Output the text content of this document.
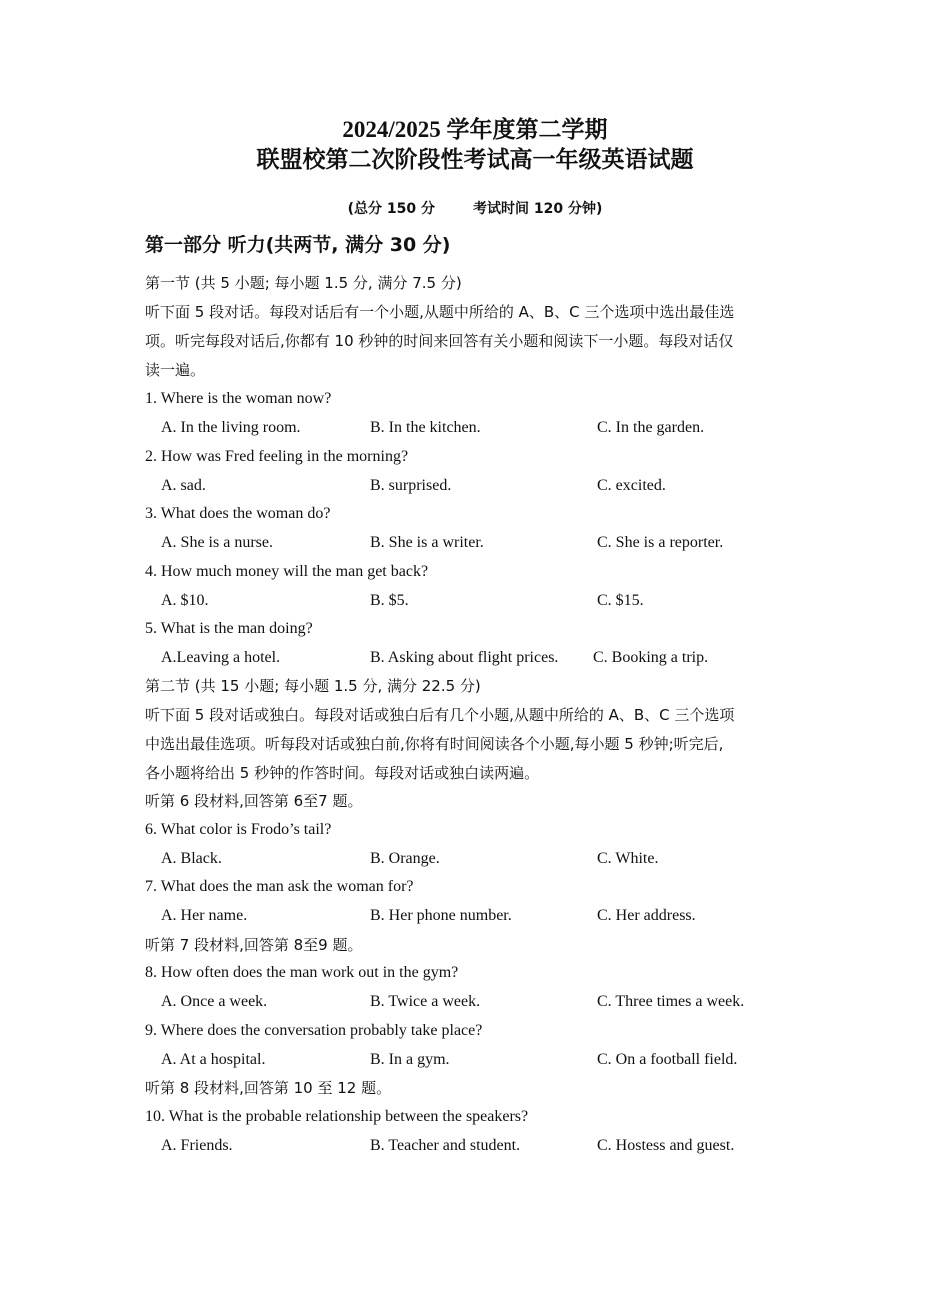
2024/2025 学年度第二学期
联盟校第二次阶段性考试高一年级英语试题
(总分 150 分	考试时间 120 分钟)
第一部分 听力(共两节, 满分 30 分)
第一节 (共 5 小题; 每小题 1.5 分, 满分 7.5 分)
听下面 5 段对话。每段对话后有一个小题,从题中所给的 A、B、C 三个选项中选出最佳选
项。听完每段对话后,你都有 10 秒钟的时间来回答有关小题和阅读下一小题。每段对话仅
读一遍。
1. Where is the woman now?
A. In the living room.	B. In the kitchen.	C. In the garden.
2. How was Fred feeling in the morning?
A. sad.	B. surprised.	C. excited.
3. What does the woman do?
A. She is a nurse.	B. She is a writer.	C. She is a reporter.
4. How much money will the man get back?
A. $10.	B. $5.	C. $15.
5. What is the man doing?
A.Leaving a hotel.	B. Asking about flight prices. C. Booking a trip.
第二节 (共 15 小题; 每小题 1.5 分, 满分 22.5 分)
听下面 5 段对话或独白。每段对话或独白后有几个小题,从题中所给的 A、B、C 三个选项
中选出最佳选项。听每段对话或独白前,你将有时间阅读各个小题,每小题 5 秒钟;听完后,
各小题将给出 5 秒钟的作答时间。每段对话或独白读两遍。
听第 6 段材料,回答第 6至7 题。
6. What color is Frodo’s tail?
A. Black.	B. Orange.	C. White.
7. What does the man ask the woman for?
A. Her name.	B. Her phone number.	C. Her address.
听第 7 段材料,回答第 8至9 题。
8. How often does the man work out in the gym?
A. Once a week.	B. Twice a week.	C. Three times a week.
9. Where does the conversation probably take place?
A. At a hospital.	B. In a gym.	C. On a football field.
听第 8 段材料,回答第 10 至 12 题。
10. What is the probable relationship between the speakers?
A. Friends.	B. Teacher and student.	C. Hostess and guest.
